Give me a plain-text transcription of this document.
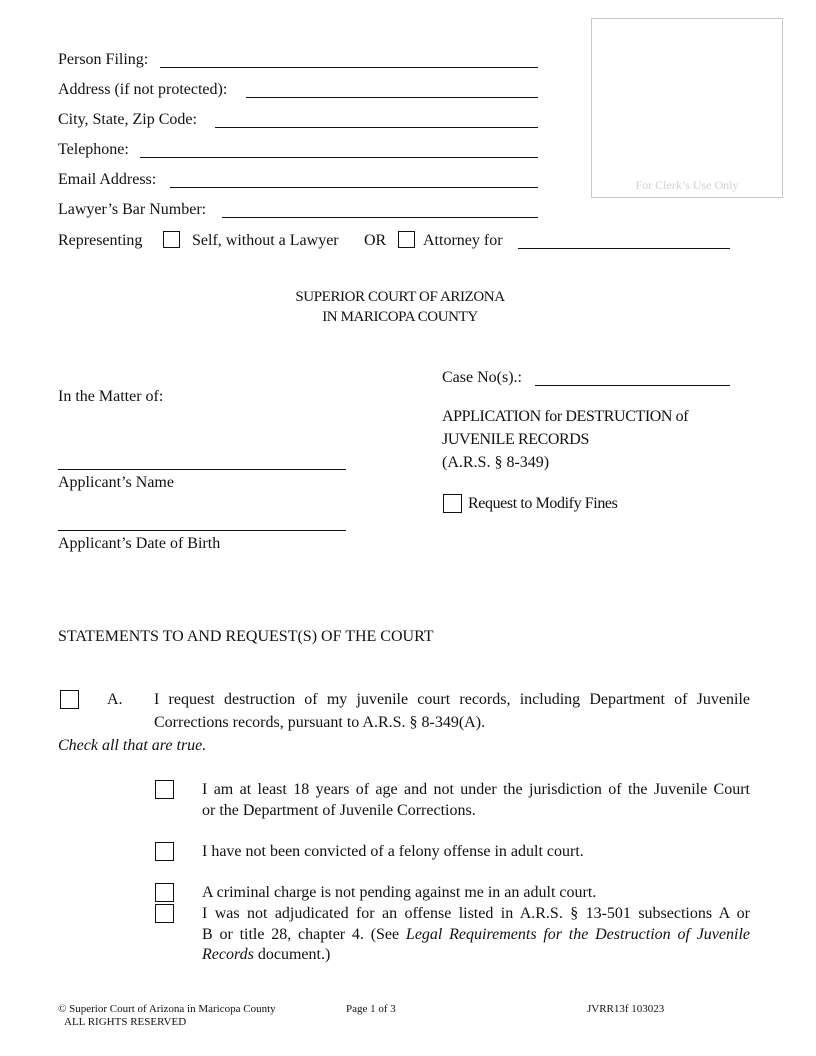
For Clerk’s Use Only
Person Filing:
Address (if not protected):
City, State, Zip Code:
Telephone:
Email Address:
Lawyer’s Bar Number:
Representing	Self, without a Lawyer OR Attorney for
SUPERIOR COURT OF ARIZONA
IN MARICOPA COUNTY
Case No(s).:
In the Matter of:
APPLICATION for DESTRUCTION of
JUVENILE RECORDS
(A.R.S. § 8-349)
Applicant’s Name
Request to Modify Fines
Applicant’s Date of Birth
STATEMENTS TO AND REQUEST(S) OF THE COURT
A. I request destruction of my juvenile court records, including Department of Juvenile
Corrections records, pursuant to A.R.S. § 8-349(A).
Check all that are true.
I am at least 18 years of age and not under the jurisdiction of the Juvenile Court
or the Department of Juvenile Corrections.
I have not been convicted of a felony offense in adult court.
A criminal charge is not pending against me in an adult court.
I was not adjudicated for an offense listed in A.R.S. § 13-501 subsections A or
B or title 28, chapter 4. (See Legal Requirements for the Destruction of Juvenile
Records document.)
© Superior Court of Arizona in Maricopa County
ALL RIGHTS RESERVED
Page 1 of 3	JVRR13f 103023
